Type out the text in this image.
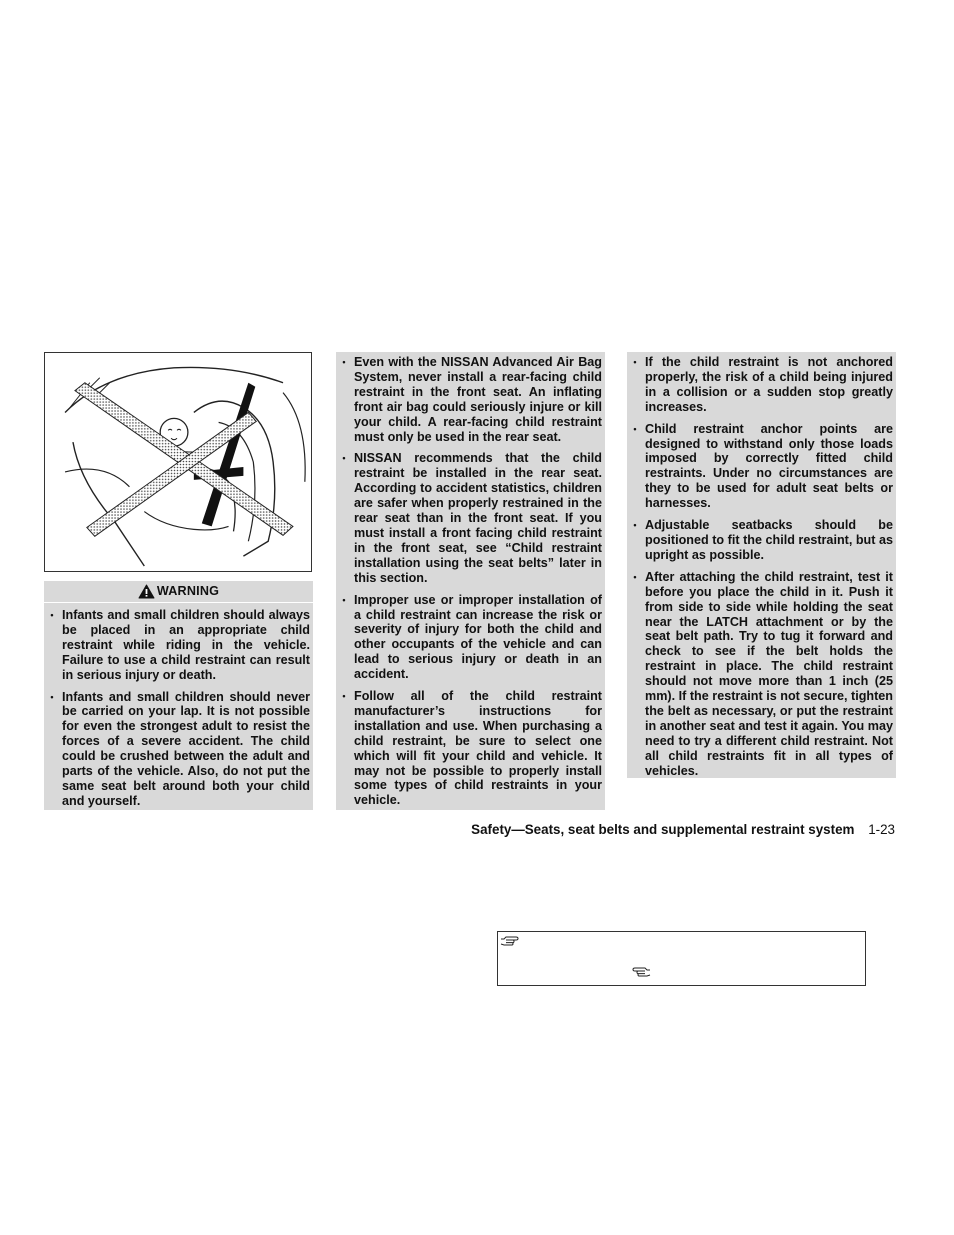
WARNING
• Infants and small children should always be placed in an appropriate child restraint while riding in the vehicle. Failure to use a child restraint can result in serious injury or death.
• Infants and small children should never be carried on your lap. It is not possible for even the strongest adult to resist the forces of a severe accident. The child could be crushed between the adult and parts of the vehicle. Also, do not put the same seat belt around both your child and yourself.
• Even with the NISSAN Advanced Air Bag System, never install a rear-facing child restraint in the front seat. An inflating front air bag could seriously injure or kill your child. A rear-facing child restraint must only be used in the rear seat.
• NISSAN recommends that the child restraint be installed in the rear seat. According to accident statistics, children are safer when properly restrained in the rear seat than in the front seat. If you must install a front facing child restraint in the front seat, see “Child restraint installation using the seat belts” later in this section.
• Improper use or improper installation of a child restraint can increase the risk or severity of injury for both the child and other occupants of the vehicle and can lead to serious injury or death in an accident.
• Follow all of the child restraint manufacturer’s instructions for installation and use. When purchasing a child restraint, be sure to select one which will fit your child and vehicle. It may not be possible to properly install some types of child restraints in your vehicle.
• If the child restraint is not anchored properly, the risk of a child being injured in a collision or a sudden stop greatly increases.
• Child restraint anchor points are designed to withstand only those loads imposed by correctly fitted child restraints. Under no circumstances are they to be used for adult seat belts or harnesses.
• Adjustable seatbacks should be positioned to fit the child restraint, but as upright as possible.
• After attaching the child restraint, test it before you place the child in it. Push it from side to side while holding the seat near the LATCH attachment or by the seat belt path. Try to tug it forward and check to see if the belt holds the restraint in place. The child restraint should not move more than 1 inch (25 mm). If the restraint is not secure, tighten the belt as necessary, or put the restraint in another seat and test it again. You may need to try a different child restraint. Not all child restraints fit in all types of vehicles.
Safety—Seats, seat belts and supplemental restraint system 1-23
